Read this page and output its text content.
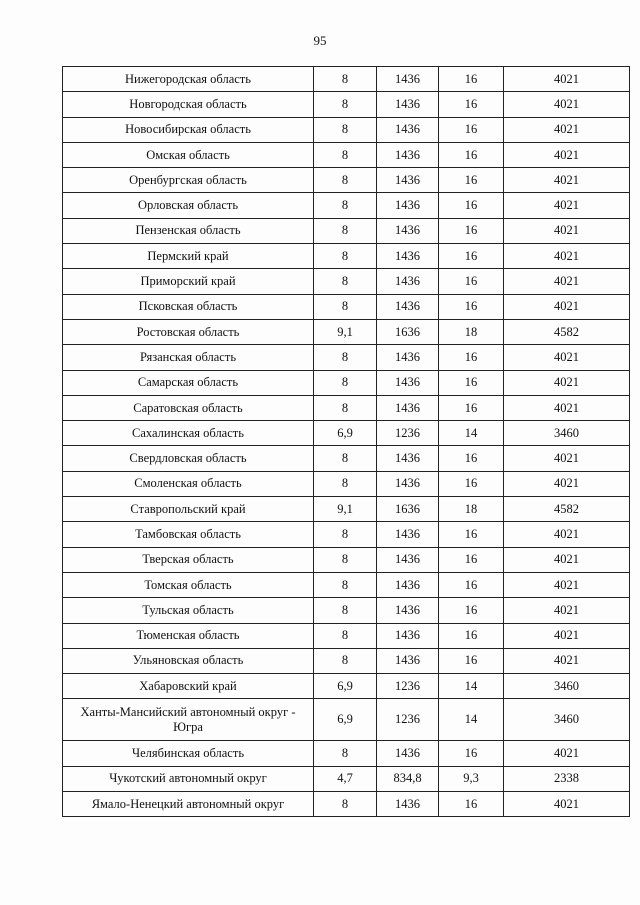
95
Нижегородская область	8	1436	16	4021
Новгородская область	8	1436	16	4021
Новосибирская область	8	1436	16	4021
Омская область	8	1436	16	4021
Оренбургская область	8	1436	16	4021
Орловская область	8	1436	16	4021
Пензенская область	8	1436	16	4021
Пермский край	8	1436	16	4021
Приморский край	8	1436	16	4021
Псковская область	8	1436	16	4021
Ростовская область	9,1	1636	18	4582
Рязанская область	8	1436	16	4021
Самарская область	8	1436	16	4021
Саратовская область	8	1436	16	4021
Сахалинская область	6,9	1236	14	3460
Свердловская область	8	1436	16	4021
Смоленская область	8	1436	16	4021
Ставропольский край	9,1	1636	18	4582
Тамбовская область	8	1436	16	4021
Тверская область	8	1436	16	4021
Томская область	8	1436	16	4021
Тульская область	8	1436	16	4021
Тюменская область	8	1436	16	4021
Ульяновская область	8	1436	16	4021
Хабаровский край	6,9	1236	14	3460
Ханты-Мансийский автономный округ - Югра	6,9	1236	14	3460
Челябинская область	8	1436	16	4021
Чукотский автономный округ	4,7	834,8	9,3	2338
Ямало-Ненецкий автономный округ	8	1436	16	4021
